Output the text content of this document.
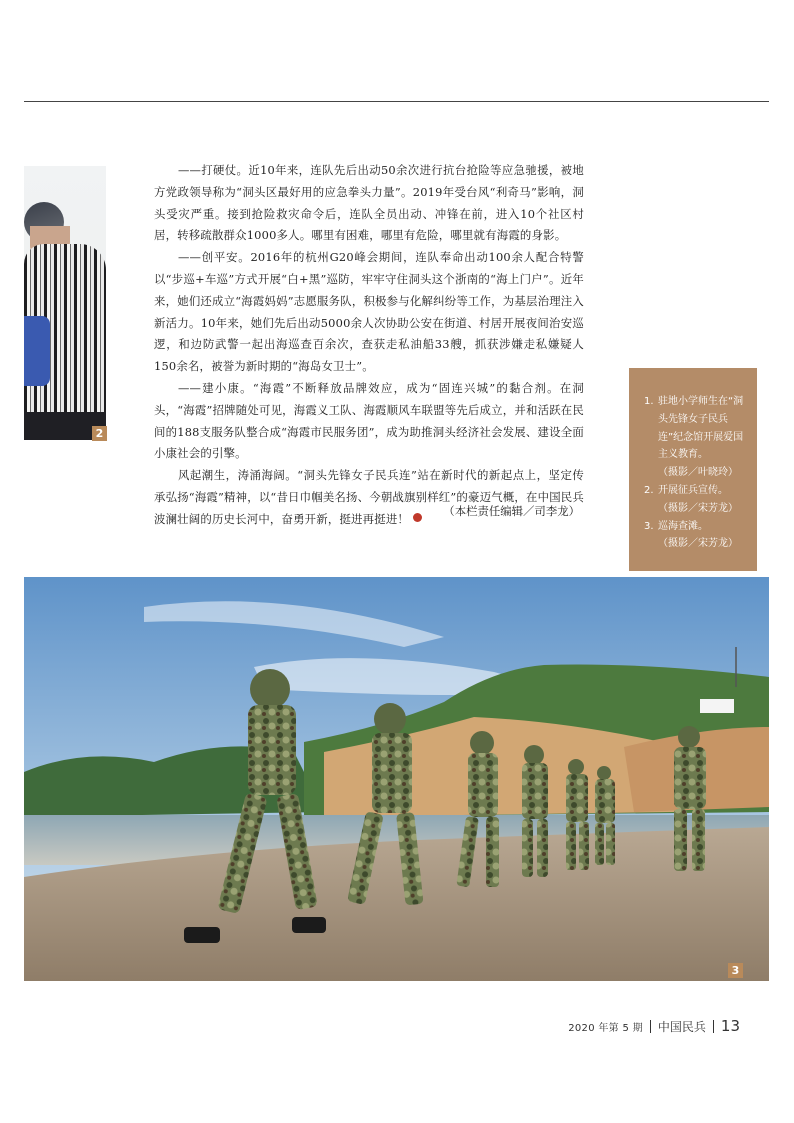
2

——打硬仗。近10年来，连队先后出动50余次进行抗台抢险等应急驰援，被地方党政领导称为“洞头区最好用的应急拳头力量”。2019年受台风“利奇马”影响，洞头受灾严重。接到抢险救灾命令后，连队全员出动、冲锋在前，进入10个社区村居，转移疏散群众1000多人。哪里有困难，哪里有危险，哪里就有海霞的身影。

——创平安。2016年的杭州G20峰会期间，连队奉命出动100余人配合特警以“步巡+车巡”方式开展“白+黑”巡防，牢牢守住洞头这个浙南的“海上门户”。近年来，她们还成立“海霞妈妈”志愿服务队，积极参与化解纠纷等工作，为基层治理注入新活力。10年来，她们先后出动5000余人次协助公安在街道、村居开展夜间治安巡逻，和边防武警一起出海巡查百余次，查获走私油船33艘，抓获涉嫌走私嫌疑人150余名，被誉为新时期的“海岛女卫士”。

——建小康。“海霞”不断释放品牌效应，成为“固连兴城”的黏合剂。在洞头，“海霞”招牌随处可见，海霞义工队、海霞顺风车联盟等先后成立，并和活跃在民间的188支服务队整合成“海霞市民服务团”，成为助推洞头经济社会发展、建设全面小康社会的引擎。

风起潮生，涛涌海阔。“洞头先锋女子民兵连”站在新时代的新起点上，坚定传承弘扬“海霞”精神，以“昔日巾帼美名扬、今朝战旗别样红”的豪迈气概，在中国民兵波澜壮阔的历史长河中，奋勇开新，挺进再挺进！

（本栏责任编辑／司李龙）
1. 驻地小学师生在“洞头先锋女子民兵连”纪念馆开展爱国主义教育。
（摄影／叶晓玲）
2. 开展征兵宣传。
（摄影／宋芳龙）
3. 巡海查滩。
（摄影／宋芳龙）
3
2020 年第 5 期 中国民兵 13
